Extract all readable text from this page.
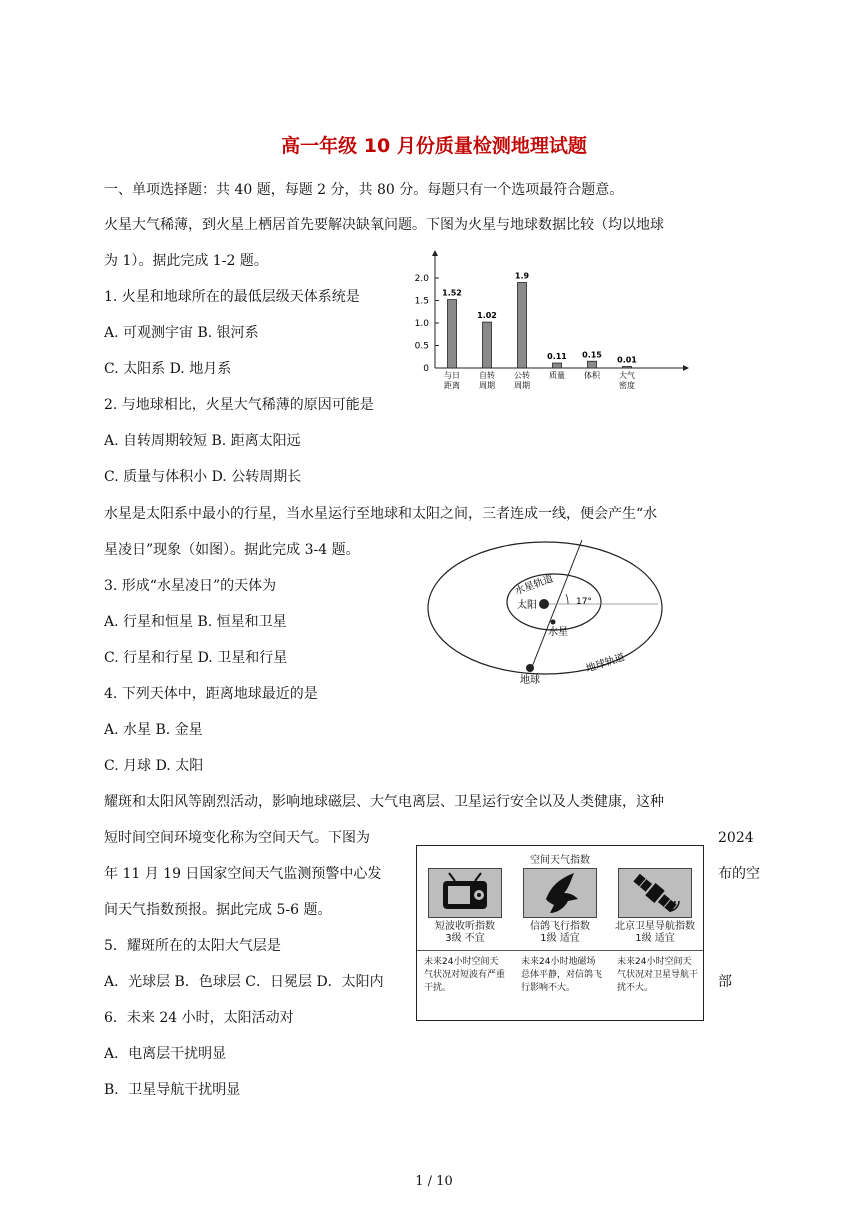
高一年级 10 月份质量检测地理试题
一、单项选择题：共 40 题，每题 2 分，共 80 分。每题只有一个选项最符合题意。
火星大气稀薄，到火星上栖居首先要解决缺氧问题。下图为火星与地球数据比较（均以地球
为 1）。据此完成 1-2 题。
1. 火星和地球所在的最低层级天体系统是
A. 可观测宇宙 B. 银河系
C. 太阳系 D. 地月系
2. 与地球相比，火星大气稀薄的原因可能是
A. 自转周期较短 B. 距离太阳远
C. 质量与体积小 D. 公转周期长
2.0
1.5
1.0
0.5
0
1.52
与日
距离
1.02
自转
周期
1.9
公转
周期
0.11
质量
0.15
体积
0.01
大气
密度
水星是太阳系中最小的行星，当水星运行至地球和太阳之间，三者连成一线，便会产生“水
星凌日”现象（如图）。据此完成 3-4 题。
3. 形成“水星凌日”的天体为
A. 行星和恒星 B. 恒星和卫星
C. 行星和行星 D. 卫星和行星
4. 下列天体中，距离地球最近的是
A. 水星 B. 金星
C. 月球 D. 太阳
水星轨道
太阳	17°
水星
地球轨道
地球
耀斑和太阳风等剧烈活动，影响地球磁层、大气电离层、卫星运行安全以及人类健康，这种
短时间空间环境变化称为空间天气。下图为	2024
年 11 月 19 日国家空间天气监测预警中心发	布的空
间天气指数预报。据此完成 5-6 题。
5．耀斑所在的太阳大气层是
A．光球层 B．色球层 C．日冕层 D．太阳内	部
6．未来 24 小时，太阳活动对
A．电离层干扰明显
B．卫星导航干扰明显
空间天气指数
短波收听指数
3级 不宜
信鸽飞行指数
1级 适宜
北京卫星导航指数
1级 适宜
未来24小时空间天气状况对短波有严重干扰。
未来24小时地磁场总体平静，对信鸽飞行影响不大。
未来24小时空间天气状况对卫星导航干扰不大。
1 / 10
